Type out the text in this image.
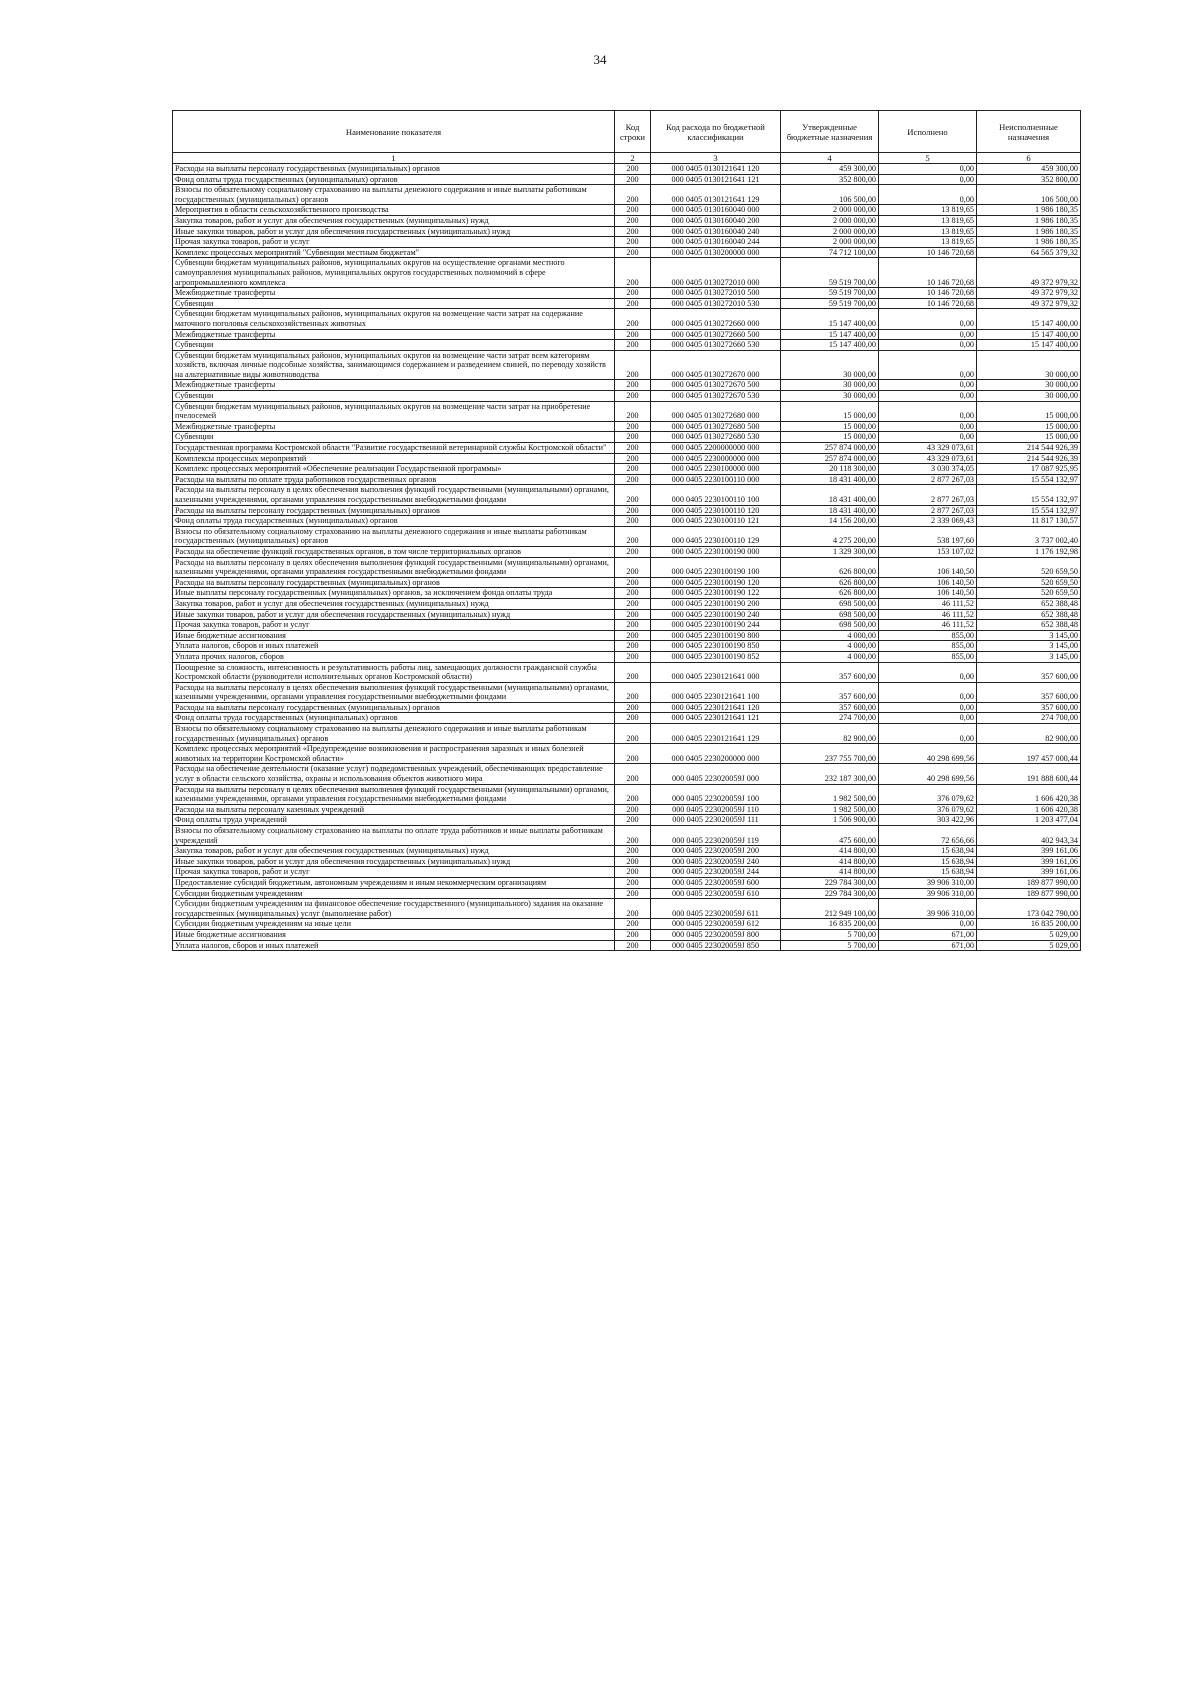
34
Наименование показателя	Код строки	Код расхода по бюджетной классификации	Утвержденные бюджетные назначения	Исполнено	Неисполненные назначения
1	2	3	4	5	6
Расходы на выплаты персоналу государственных (муниципальных) органов	200	000 0405 0130121641 120	459 300,00	0,00	459 300,00
Фонд оплаты труда государственных (муниципальных) органов	200	000 0405 0130121641 121	352 800,00	0,00	352 800,00
Взносы по обязательному социальному страхованию на выплаты денежного содержания и иные выплаты работникам государственных (муниципальных) органов	200	000 0405 0130121641 129	106 500,00	0,00	106 500,00
Мероприятия в области сельскохозяйственного производства	200	000 0405 0130160040 000	2 000 000,00	13 819,65	1 986 180,35
Закупка товаров, работ и услуг для обеспечения государственных (муниципальных) нужд	200	000 0405 0130160040 200	2 000 000,00	13 819,65	1 986 180,35
Иные закупки товаров, работ и услуг для обеспечения государственных (муниципальных) нужд	200	000 0405 0130160040 240	2 000 000,00	13 819,65	1 986 180,35
Прочая закупка товаров, работ и услуг	200	000 0405 0130160040 244	2 000 000,00	13 819,65	1 986 180,35
Комплекс процессных мероприятий "Субвенции местным бюджетам"	200	000 0405 0130200000 000	74 712 100,00	10 146 720,68	64 565 379,32
Субвенции бюджетам муниципальных районов, муниципальных округов на осуществление органами местного самоуправления муниципальных районов, муниципальных округов государственных полномочий в сфере агропромышленного комплекса	200	000 0405 0130272010 000	59 519 700,00	10 146 720,68	49 372 979,32
Межбюджетные трансферты	200	000 0405 0130272010 500	59 519 700,00	10 146 720,68	49 372 979,32
Субвенции	200	000 0405 0130272010 530	59 519 700,00	10 146 720,68	49 372 979,32
Субвенции бюджетам муниципальных районов, муниципальных округов на возмещение части затрат на содержание маточного поголовья сельскохозяйственных животных	200	000 0405 0130272660 000	15 147 400,00	0,00	15 147 400,00
Межбюджетные трансферты	200	000 0405 0130272660 500	15 147 400,00	0,00	15 147 400,00
Субвенции	200	000 0405 0130272660 530	15 147 400,00	0,00	15 147 400,00
Субвенции бюджетам муниципальных районов, муниципальных округов на возмещение части затрат всем категориям хозяйств, включая личные подсобные хозяйства, занимающимся содержанием и разведением свиней, по переводу хозяйств на альтернативные виды животноводства	200	000 0405 0130272670 000	30 000,00	0,00	30 000,00
Межбюджетные трансферты	200	000 0405 0130272670 500	30 000,00	0,00	30 000,00
Субвенции	200	000 0405 0130272670 530	30 000,00	0,00	30 000,00
Субвенции бюджетам муниципальных районов, муниципальных округов на возмещение части затрат на приобретение пчелосемей	200	000 0405 0130272680 000	15 000,00	0,00	15 000,00
Межбюджетные трансферты	200	000 0405 0130272680 500	15 000,00	0,00	15 000,00
Субвенции	200	000 0405 0130272680 530	15 000,00	0,00	15 000,00
Государственная программа Костромской области "Развитие государственной ветеринарной службы Костромской области"	200	000 0405 2200000000 000	257 874 000,00	43 329 073,61	214 544 926,39
Комплексы процессных мероприятий	200	000 0405 2230000000 000	257 874 000,00	43 329 073,61	214 544 926,39
Комплекс процессных мероприятий «Обеспечение реализации Государственной программы»	200	000 0405 2230100000 000	20 118 300,00	3 030 374,05	17 087 925,95
Расходы на выплаты по оплате труда работников государственных органов	200	000 0405 2230100110 000	18 431 400,00	2 877 267,03	15 554 132,97
Расходы на выплаты персоналу в целях обеспечения выполнения функций государственными (муниципальными) органами, казенными учреждениями, органами управления государственными внебюджетными фондами	200	000 0405 2230100110 100	18 431 400,00	2 877 267,03	15 554 132,97
Расходы на выплаты персоналу государственных (муниципальных) органов	200	000 0405 2230100110 120	18 431 400,00	2 877 267,03	15 554 132,97
Фонд оплаты труда государственных (муниципальных) органов	200	000 0405 2230100110 121	14 156 200,00	2 339 069,43	11 817 130,57
Взносы по обязательному социальному страхованию на выплаты денежного содержания и иные выплаты работникам государственных (муниципальных) органов	200	000 0405 2230100110 129	4 275 200,00	538 197,60	3 737 002,40
Расходы на обеспечение функций государственных органов, в том числе территориальных органов	200	000 0405 2230100190 000	1 329 300,00	153 107,02	1 176 192,98
Расходы на выплаты персоналу в целях обеспечения выполнения функций государственными (муниципальными) органами, казенными учреждениями, органами управления государственными внебюджетными фондами	200	000 0405 2230100190 100	626 800,00	106 140,50	520 659,50
Расходы на выплаты персоналу государственных (муниципальных) органов	200	000 0405 2230100190 120	626 800,00	106 140,50	520 659,50
Иные выплаты персоналу государственных (муниципальных) органов, за исключением фонда оплаты труда	200	000 0405 2230100190 122	626 800,00	106 140,50	520 659,50
Закупка товаров, работ и услуг для обеспечения государственных (муниципальных) нужд	200	000 0405 2230100190 200	698 500,00	46 111,52	652 388,48
Иные закупки товаров, работ и услуг для обеспечения государственных (муниципальных) нужд	200	000 0405 2230100190 240	698 500,00	46 111,52	652 388,48
Прочая закупка товаров, работ и услуг	200	000 0405 2230100190 244	698 500,00	46 111,52	652 388,48
Иные бюджетные ассигнования	200	000 0405 2230100190 800	4 000,00	855,00	3 145,00
Уплата налогов, сборов и иных платежей	200	000 0405 2230100190 850	4 000,00	855,00	3 145,00
Уплата прочих налогов, сборов	200	000 0405 2230100190 852	4 000,00	855,00	3 145,00
Поощрение за сложность, интенсивность и результативность работы лиц, замещающих должности гражданской службы Костромской области (руководители исполнительных органов Костромской области)	200	000 0405 2230121641 000	357 600,00	0,00	357 600,00
Расходы на выплаты персоналу в целях обеспечения выполнения функций государственными (муниципальными) органами, казенными учреждениями, органами управления государственными внебюджетными фондами	200	000 0405 2230121641 100	357 600,00	0,00	357 600,00
Расходы на выплаты персоналу государственных (муниципальных) органов	200	000 0405 2230121641 120	357 600,00	0,00	357 600,00
Фонд оплаты труда государственных (муниципальных) органов	200	000 0405 2230121641 121	274 700,00	0,00	274 700,00
Взносы по обязательному социальному страхованию на выплаты денежного содержания и иные выплаты работникам государственных (муниципальных) органов	200	000 0405 2230121641 129	82 900,00	0,00	82 900,00
Комплекс процессных мероприятий «Предупреждение возникновения и распространения заразных и иных болезней животных на территории Костромской области»	200	000 0405 2230200000 000	237 755 700,00	40 298 699,56	197 457 000,44
Расходы на обеспечение деятельности (оказание услуг) подведомственных учреждений, обеспечивающих предоставление услуг в области сельского хозяйства, охраны и использования объектов животного мира	200	000 0405 223020059J 000	232 187 300,00	40 298 699,56	191 888 600,44
Расходы на выплаты персоналу в целях обеспечения выполнения функций государственными (муниципальными) органами, казенными учреждениями, органами управления государственными внебюджетными фондами	200	000 0405 223020059J 100	1 982 500,00	376 079,62	1 606 420,38
Расходы на выплаты персоналу казенных учреждений	200	000 0405 223020059J 110	1 982 500,00	376 079,62	1 606 420,38
Фонд оплаты труда учреждений	200	000 0405 223020059J 111	1 506 900,00	303 422,96	1 203 477,04
Взносы по обязательному социальному страхованию на выплаты по оплате труда работников и иные выплаты работникам учреждений	200	000 0405 223020059J 119	475 600,00	72 656,66	402 943,34
Закупка товаров, работ и услуг для обеспечения государственных (муниципальных) нужд	200	000 0405 223020059J 200	414 800,00	15 638,94	399 161,06
Иные закупки товаров, работ и услуг для обеспечения государственных (муниципальных) нужд	200	000 0405 223020059J 240	414 800,00	15 638,94	399 161,06
Прочая закупка товаров, работ и услуг	200	000 0405 223020059J 244	414 800,00	15 638,94	399 161,06
Предоставление субсидий бюджетным, автономным учреждениям и иным некоммерческим организациям	200	000 0405 223020059J 600	229 784 300,00	39 906 310,00	189 877 990,00
Субсидии бюджетным учреждениям	200	000 0405 223020059J 610	229 784 300,00	39 906 310,00	189 877 990,00
Субсидии бюджетным учреждениям на финансовое обеспечение государственного (муниципального) задания на оказание государственных (муниципальных) услуг (выполнение работ)	200	000 0405 223020059J 611	212 949 100,00	39 906 310,00	173 042 790,00
Субсидии бюджетным учреждениям на иные цели	200	000 0405 223020059J 612	16 835 200,00	0,00	16 835 200,00
Иные бюджетные ассигнования	200	000 0405 223020059J 800	5 700,00	671,00	5 029,00
Уплата налогов, сборов и иных платежей	200	000 0405 223020059J 850	5 700,00	671,00	5 029,00
